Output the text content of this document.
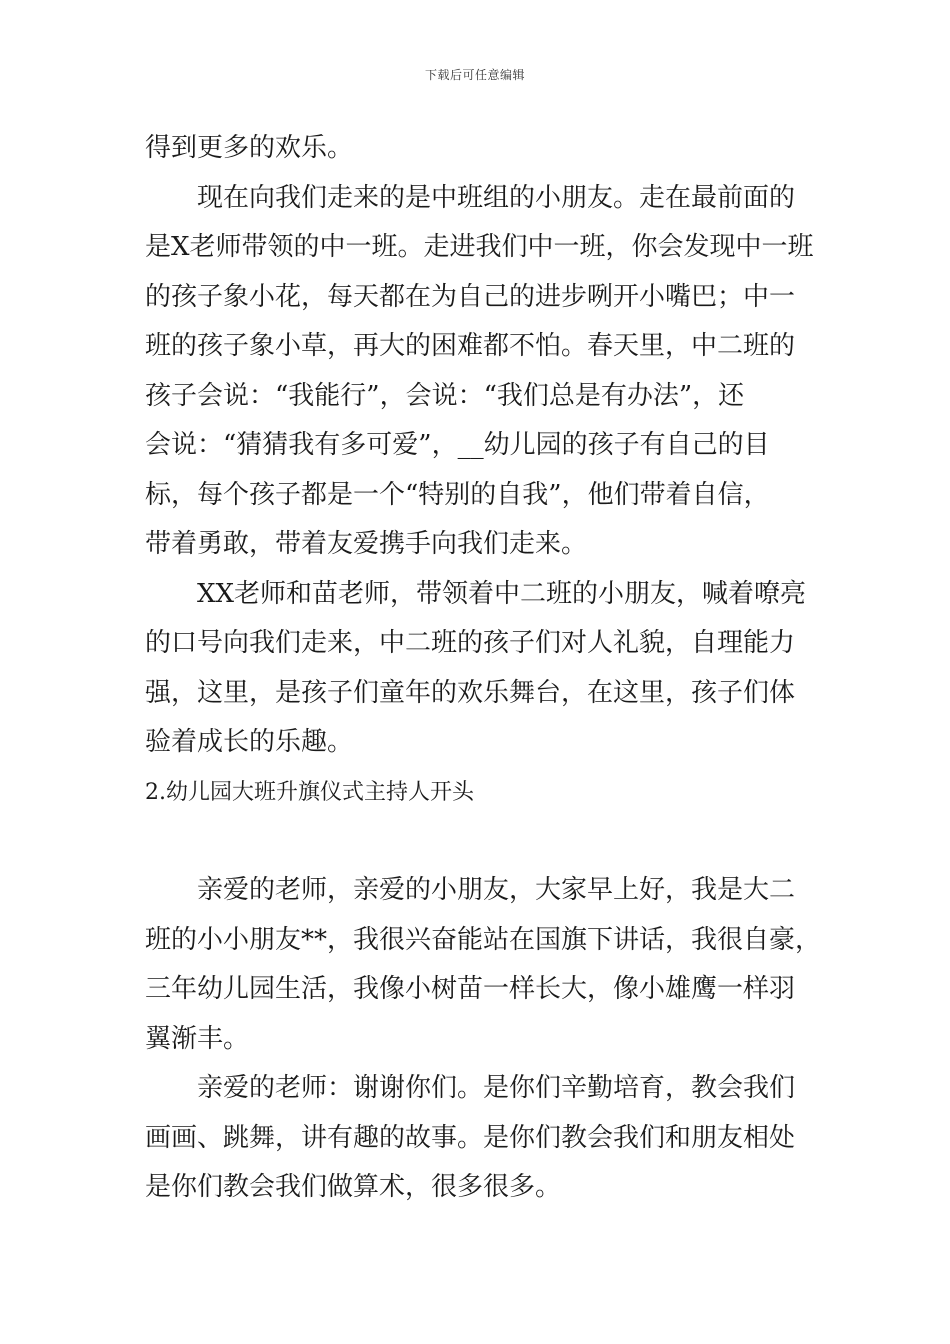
下载后可任意编辑

得到更多的欢乐。

现在向我们走来的是中班组的小朋友。走在最前面的

是X老师带领的中一班。走进我们中一班，你会发现中一班

的孩子象小花，每天都在为自己的进步咧开小嘴巴；中一

班的孩子象小草，再大的困难都不怕。春天里，中二班的

孩子会说：“我能行”，会说：“我们总是有办法”，还

会说：“猜猜我有多可爱”，__幼儿园的孩子有自己的目

标，每个孩子都是一个“特别的自我”，他们带着自信，

带着勇敢，带着友爱携手向我们走来。

XX老师和苗老师，带领着中二班的小朋友，喊着嘹亮

的口号向我们走来，中二班的孩子们对人礼貌，自理能力

强，这里，是孩子们童年的欢乐舞台，在这里，孩子们体

验着成长的乐趣。

2.幼儿园大班升旗仪式主持人开头

亲爱的老师，亲爱的小朋友，大家早上好，我是大二

班的小小朋友**，我很兴奋能站在国旗下讲话，我很自豪，

三年幼儿园生活，我像小树苗一样长大，像小雄鹰一样羽

翼渐丰。

亲爱的老师：谢谢你们。是你们辛勤培育，教会我们

画画、跳舞，讲有趣的故事。是你们教会我们和朋友相处

是你们教会我们做算术，很多很多。
